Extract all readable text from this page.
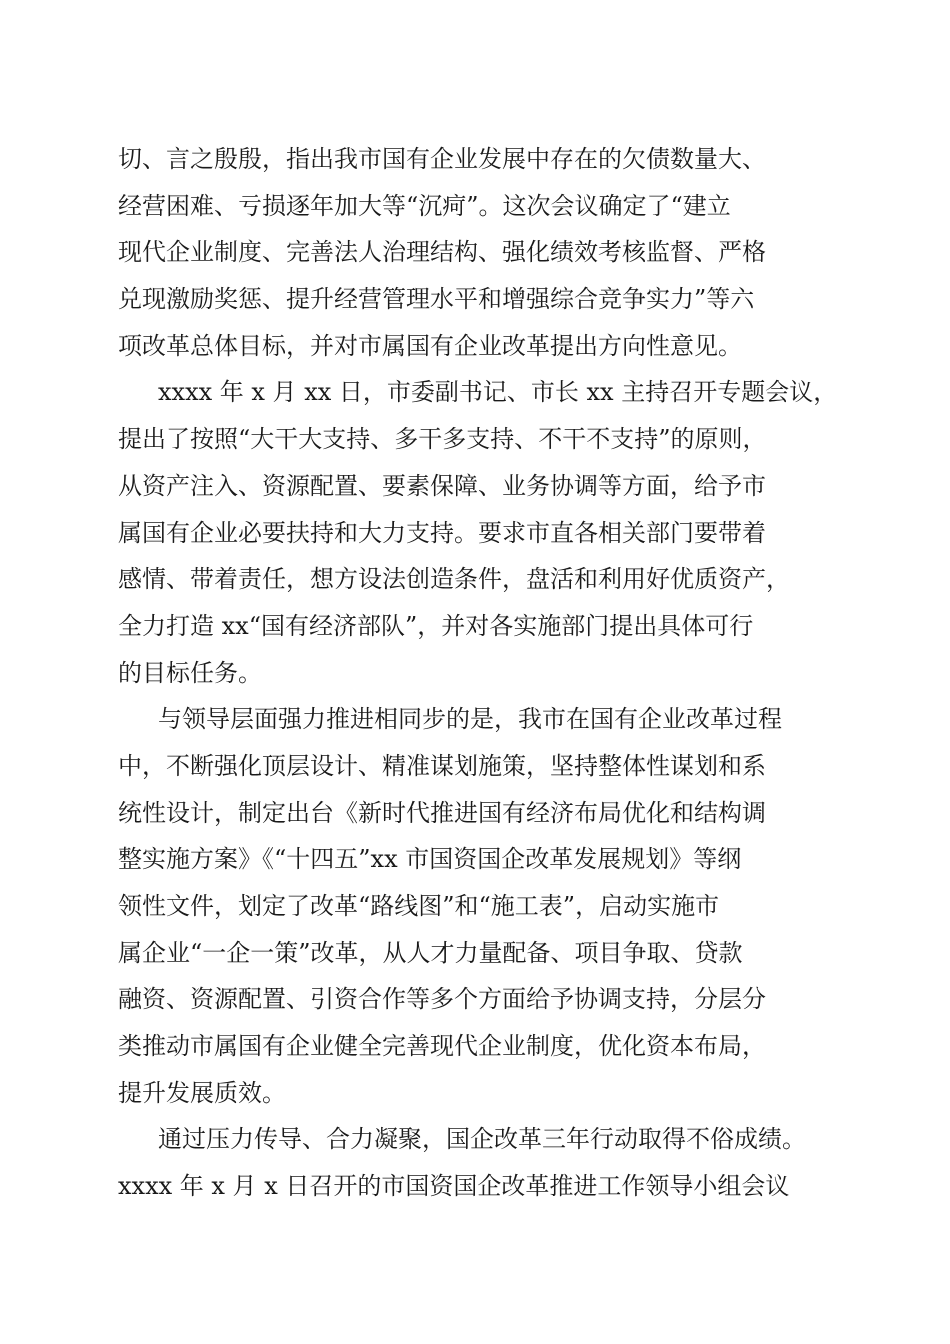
切、言之殷殷，指出我市国有企业发展中存在的欠债数量大、
经营困难、亏损逐年加大等“沉疴”。这次会议确定了“建立
现代企业制度、完善法人治理结构、强化绩效考核监督、严格
兑现激励奖惩、提升经营管理水平和增强综合竞争实力”等六
项改革总体目标，并对市属国有企业改革提出方向性意见。
xxxx 年 x 月 xx 日，市委副书记、市长 xx 主持召开专题会议，
提出了按照“大干大支持、多干多支持、不干不支持”的原则，
从资产注入、资源配置、要素保障、业务协调等方面，给予市
属国有企业必要扶持和大力支持。要求市直各相关部门要带着
感情、带着责任，想方设法创造条件，盘活和利用好优质资产，
全力打造 xx“国有经济部队”，并对各实施部门提出具体可行
的目标任务。
与领导层面强力推进相同步的是，我市在国有企业改革过程
中，不断强化顶层设计、精准谋划施策，坚持整体性谋划和系
统性设计，制定出台《新时代推进国有经济布局优化和结构调
整实施方案》《“十四五”xx 市国资国企改革发展规划》等纲
领性文件，划定了改革“路线图”和“施工表”，启动实施市
属企业“一企一策”改革，从人才力量配备、项目争取、贷款
融资、资源配置、引资合作等多个方面给予协调支持，分层分
类推动市属国有企业健全完善现代企业制度，优化资本布局，
提升发展质效。
通过压力传导、合力凝聚，国企改革三年行动取得不俗成绩。
xxxx 年 x 月 x 日召开的市国资国企改革推进工作领导小组会议
